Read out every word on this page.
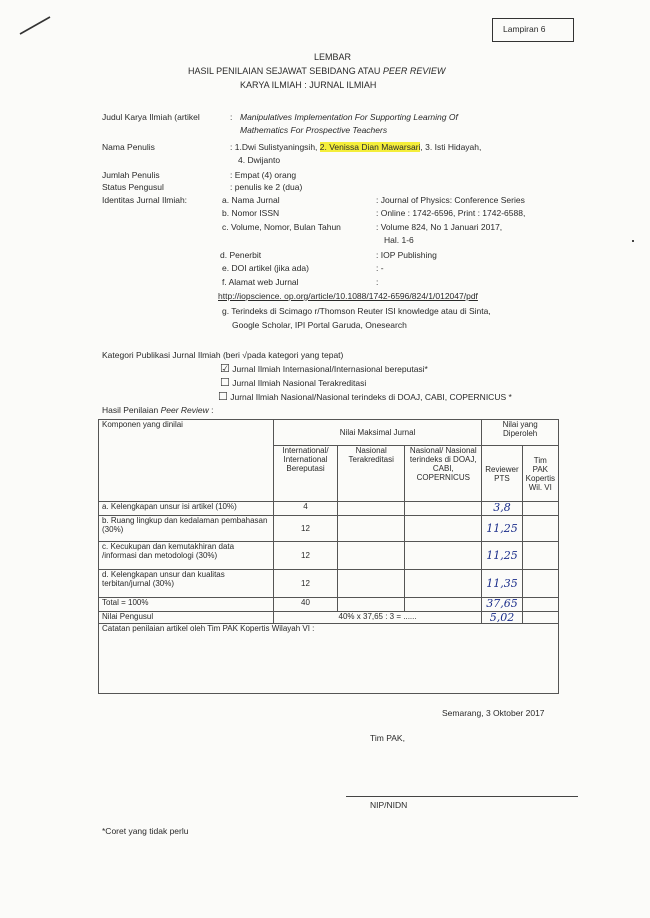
Lampiran 6
LEMBAR
HASIL PENILAIAN SEJAWAT SEBIDANG ATAU PEER REVIEW
KARYA ILMIAH : JURNAL ILMIAH
Judul Karya Ilmiah (artikel	: Manipulatives Implementation For Supporting Learning Of
Mathematics For Prospective Teachers
Nama Penulis	: 1.Dwi Sulistyaningsih, 2. Venissa Dian Mawarsari, 3. Isti Hidayah,
4. Dwijanto
Jumlah Penulis	: Empat (4) orang
Status Pengusul	: penulis ke 2 (dua)
Identitas Jurnal Ilmiah:	a. Nama Jurnal	: Journal of Physics: Conference Series
b. Nomor ISSN	: Online : 1742-6596, Print : 1742-6588,
c. Volume, Nomor, Bulan Tahun	: Volume 824, No 1 Januari 2017,
Hal. 1-6
d. Penerbit	: IOP Publishing
e. DOI artikel (jika ada)	: -
f. Alamat web Jurnal	:
http://iopscience. op.org/article/10.1088/1742-6596/824/1/012047/pdf
g. Terindeks di Scimago r/Thomson Reuter ISI knowledge atau di Sinta,
Google Scholar, IPI Portal Garuda, Onesearch
Kategori Publikasi Jurnal Ilmiah (beri √pada kategori yang tepat)
☑ Jurnal Ilmiah Internasional/Internasional bereputasi*
☐ Jurnal Ilmiah Nasional Terakreditasi
☐ Jurnal Ilmiah Nasional/Nasional terindeks di DOAJ, CABI, COPERNICUS *
Hasil Penilaian Peer Review :
Komponen yang dinilai	Nilai Maksimal Jurnal			Nilai yang Diperoleh	
	International/ International Bereputasi	Nasional Terakreditasi	Nasional/ Nasional terindeks di DOAJ, CABI, COPERNICUS	Reviewer PTS	Tim PAK Kopertis Wil. VI
a. Kelengkapan unsur isi artikel (10%)	4			3,8	
b. Ruang lingkup dan kedalaman pembahasan (30%)	12			11,25	
c. Kecukupan dan kemutakhiran data /informasi dan metodologi (30%)	12			11,25	
d. Kelengkapan unsur dan kualitas terbitan/jurnal (30%)	12			11,35	
Total = 100%	40			37,65	
Nilai Pengusul	40% x 37,65 : 3 = ......			5,02	
Catatan penilaian artikel oleh Tim PAK Kopertis Wilayah VI :					
Semarang, 3 Oktober 2017
Tim PAK,
NIP/NIDN
*Coret yang tidak perlu
